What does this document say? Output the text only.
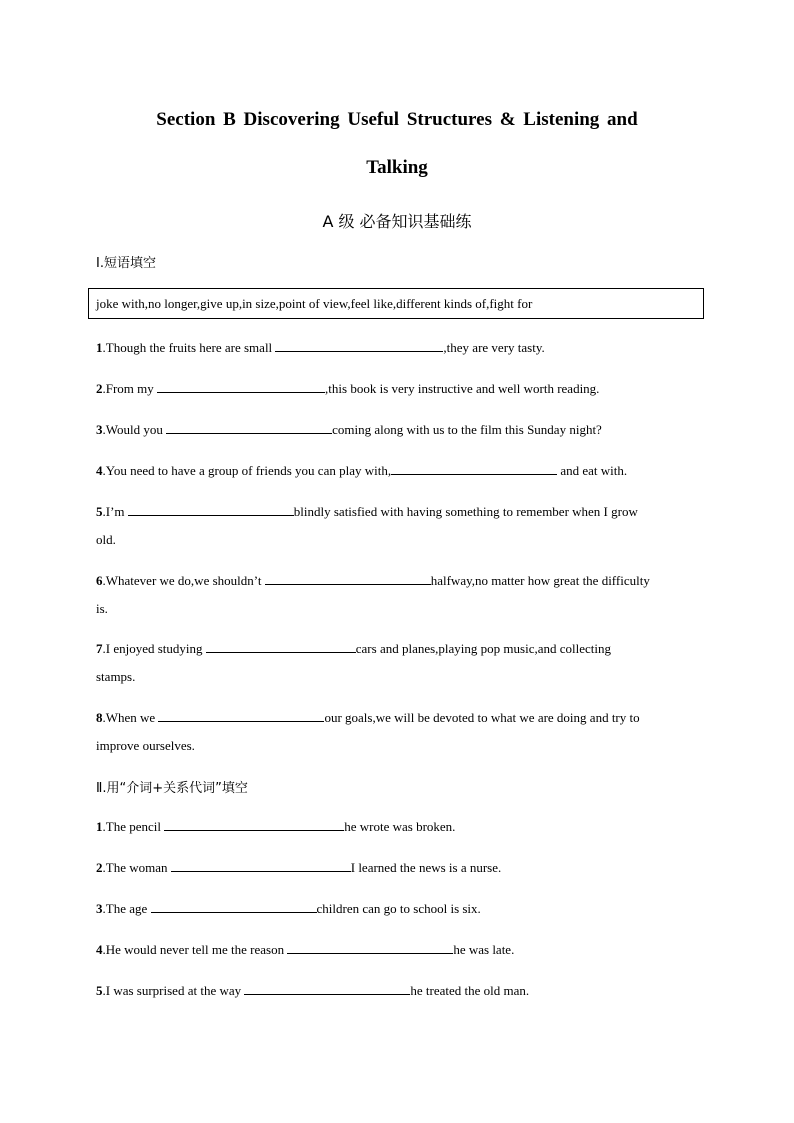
Section B Discovering Useful Structures & Listening and
Talking
A 级 必备知识基础练
Ⅰ.短语填空
joke with,no longer,give up,in size,point of view,feel like,different kinds of,fight for
1.Though the fruits here are small	,they are very tasty.
2.From my	,this book is very instructive and well worth reading.
3.Would you	coming along with us to the film this Sunday night?
4.You need to have a group of friends you can play with,	and eat with.
5.I’m	blindly satisfied with having something to remember when I grow
old.
6.Whatever we do,we shouldn’t	halfway,no matter how great the difficulty
is.
7.I enjoyed studying	cars and planes,playing pop music,and collecting
stamps.
8.When we	our goals,we will be devoted to what we are doing and try to
improve ourselves.
Ⅱ.用“介词+关系代词”填空
1.The pencil	he wrote was broken.
2.The woman	I learned the news is a nurse.
3.The age	children can go to school is six.
4.He would never tell me the reason	he was late.
5.I was surprised at the way	he treated the old man.
